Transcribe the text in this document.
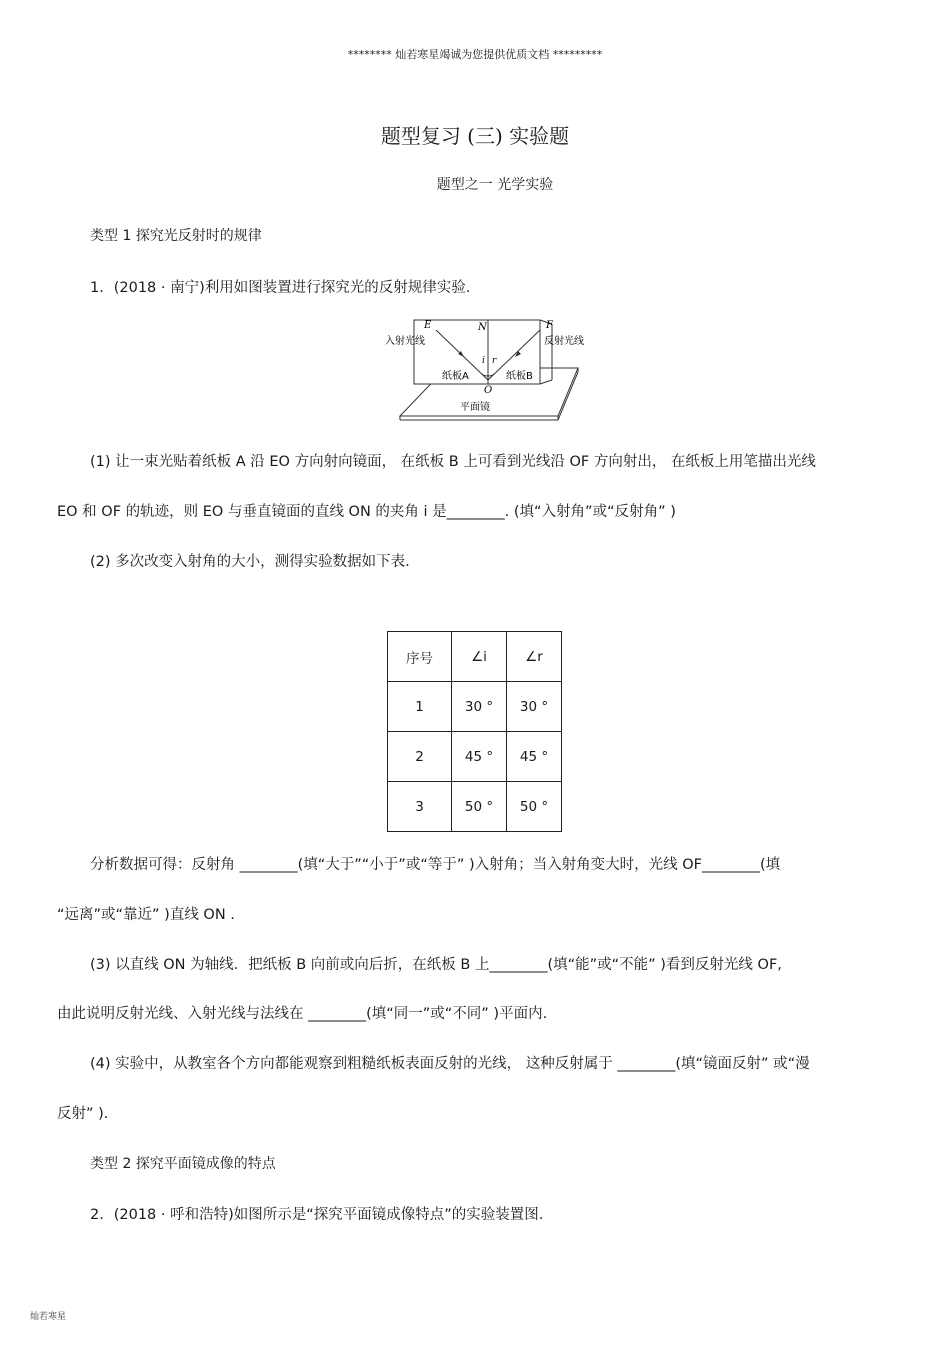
******** 灿若寒星竭诚为您提供优质文档 *********
题型复习 (三) 实验题
题型之一 光学实验
类型 1 探究光反射时的规律
1．(2018 · 南宁)利用如图装置进行探究光的反射规律实验.
E	N	F
入射光线	反射光线
i r
纸板A	纸板B
O
平面镜
(1) 让一束光贴着纸板 A 沿 EO 方向射向镜面， 在纸板 B 上可看到光线沿 OF 方向射出， 在纸板上用笔描出光线
EO 和 OF 的轨迹，则 EO 与垂直镜面的直线 ON 的夹角 i 是________. (填“入射角”或“反射角” )
(2) 多次改变入射角的大小，测得实验数据如下表.
序号	∠i	∠r
1	30 °	30 °
2	45 °	45 °
3	50 °	50 °
分析数据可得：反射角 ________(填“大于”“小于”或“等于” )入射角；当入射角变大时，光线 OF________(填
“远离”或“靠近” )直线 ON .
(3) 以直线 ON 为轴线．把纸板 B 向前或向后折，在纸板 B 上________(填“能”或“不能” )看到反射光线 OF,
由此说明反射光线、入射光线与法线在 ________(填“同一”或“不同” )平面内.
(4) 实验中，从教室各个方向都能观察到粗糙纸板表面反射的光线， 这种反射属于 ________(填“镜面反射” 或“漫
反射” ).
类型 2 探究平面镜成像的特点
2．(2018 · 呼和浩特)如图所示是“探究平面镜成像特点”的实验装置图.
灿若寒星
